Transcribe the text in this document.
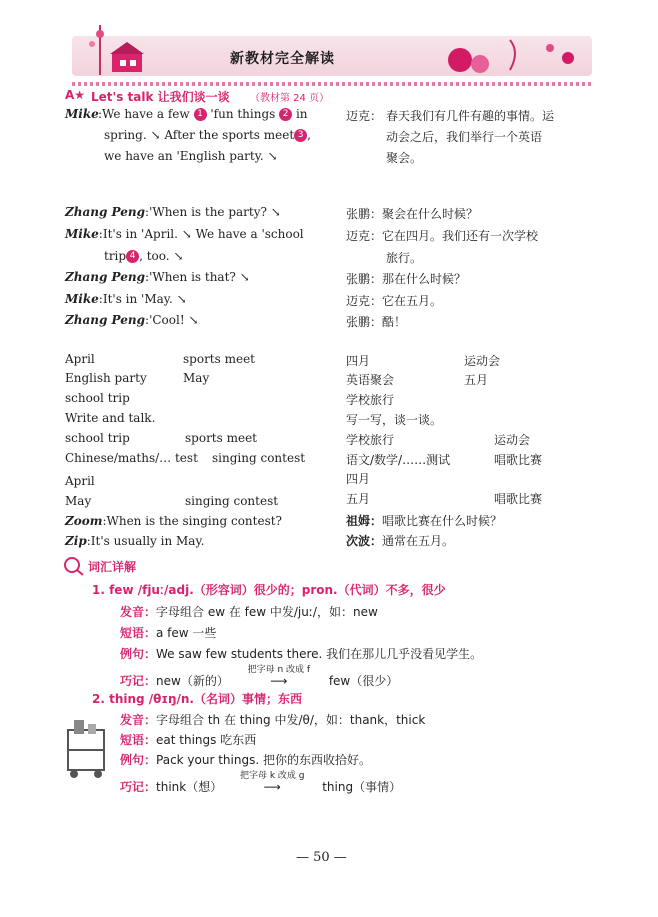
新教材完全解读
A★ Let's talk 让我们谈一谈 （教材第 24 页）
Mike :We have a few 1 'fun things 2 in
spring. ↘ After the sports meet 3 ,
we have an 'English party. ↘
迈克： 春天我们有几件有趣的事情。运
动会之后，我们举行一个英语
聚会。
Zhang Peng:'When is the party? ↘
Mike:It's in 'April. ↘ We have a 'school
trip 4 , too. ↘
Zhang Peng:'When is that? ↘
Mike:It's in 'May. ↘
Zhang Peng:'Cool! ↘
张鹏：聚会在什么时候？
迈克：它在四月。我们还有一次学校
旅行。
张鹏：那在什么时候？
迈克：它在五月。
张鹏：酷！
April	sports meet
English party	May
school trip
Write and talk.
school trip	sports meet
Chinese/maths/… test singing contest
April
May	singing contest
Zoom:When is the singing contest?
Zip:It's usually in May.
四月	运动会
英语聚会	五月
学校旅行
写一写，谈一谈。
学校旅行	运动会
语文/数学/……测试	唱歌比赛
四月
五月	唱歌比赛
祖姆：唱歌比赛在什么时候？
次波：通常在五月。
词汇详解
1. few /fjuː/adj.（形容词）很少的；pron.（代词）不多，很少
发音：字母组合 ew 在 few 中发/juː/，如：new
短语：a few 一些
例句：We saw few students there. 我们在那儿几乎没看见学生。
巧记：new（新的）
把字母 n 改成 f
⟶	few（很少）
2. thing /θɪŋ/n.（名词）事情；东西
发音：字母组合 th 在 thing 中发/θ/，如：thank，thick
短语：eat things 吃东西
例句：Pack your things. 把你的东西收拾好。
巧记：think（想）
把字母 k 改成 g
⟶	thing（事情）
— 50 —
